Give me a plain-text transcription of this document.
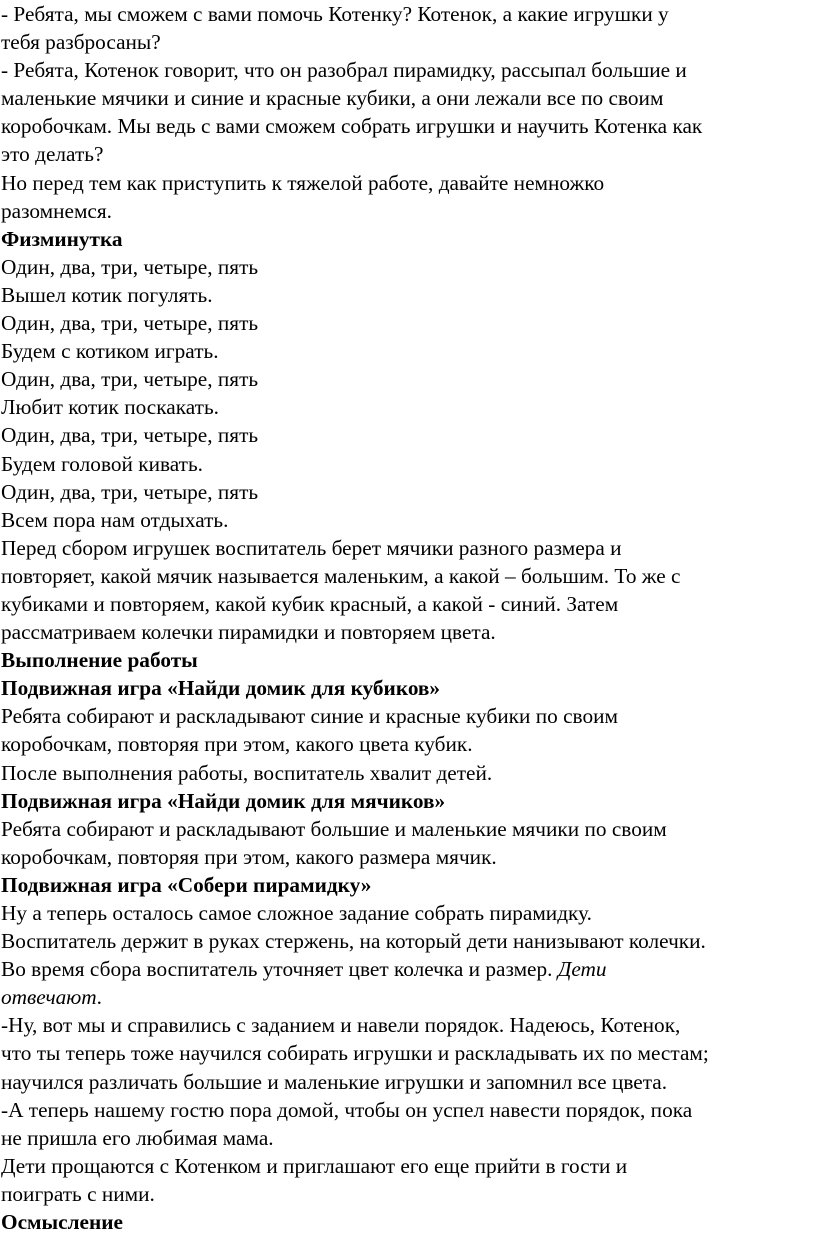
- Ребята, мы сможем с вами помочь Котенку? Котенок, а какие игрушки у
тебя разбросаны?
- Ребята, Котенок говорит, что он разобрал пирамидку, рассыпал большие и
маленькие мячики и синие и красные кубики, а они лежали все по своим
коробочкам. Мы ведь с вами сможем собрать игрушки и научить Котенка как
это делать?
Но перед тем как приступить к тяжелой работе, давайте немножко
разомнемся.
Физминутка
Один, два, три, четыре, пять
Вышел котик погулять.
Один, два, три, четыре, пять
Будем с котиком играть.
Один, два, три, четыре, пять
Любит котик поскакать.
Один, два, три, четыре, пять
Будем головой кивать.
Один, два, три, четыре, пять
Всем пора нам отдыхать.
Перед сбором игрушек воспитатель берет мячики разного размера и
повторяет, какой мячик называется маленьким, а какой – большим. То же с
кубиками и повторяем, какой кубик красный, а какой - синий. Затем
рассматриваем колечки пирамидки и повторяем цвета.
Выполнение работы
Подвижная игра «Найди домик для кубиков»
Ребята собирают и раскладывают синие и красные кубики по своим
коробочкам, повторяя при этом, какого цвета кубик.
После выполнения работы, воспитатель хвалит детей.
Подвижная игра «Найди домик для мячиков»
Ребята собирают и раскладывают большие и маленькие мячики по своим
коробочкам, повторяя при этом, какого размера мячик.
Подвижная игра «Собери пирамидку»
Ну а теперь осталось самое сложное задание собрать пирамидку.
Воспитатель держит в руках стержень, на который дети нанизывают колечки.
Во время сбора воспитатель уточняет цвет колечка и размер. Дети
отвечают.
-Ну, вот мы и справились с заданием и навели порядок. Надеюсь, Котенок,
что ты теперь тоже научился собирать игрушки и раскладывать их по местам;
научился различать большие и маленькие игрушки и запомнил все цвета.
-А теперь нашему гостю пора домой, чтобы он успел навести порядок, пока
не пришла его любимая мама.
Дети прощаются с Котенком и приглашают его еще прийти в гости и
поиграть с ними.
Осмысление
